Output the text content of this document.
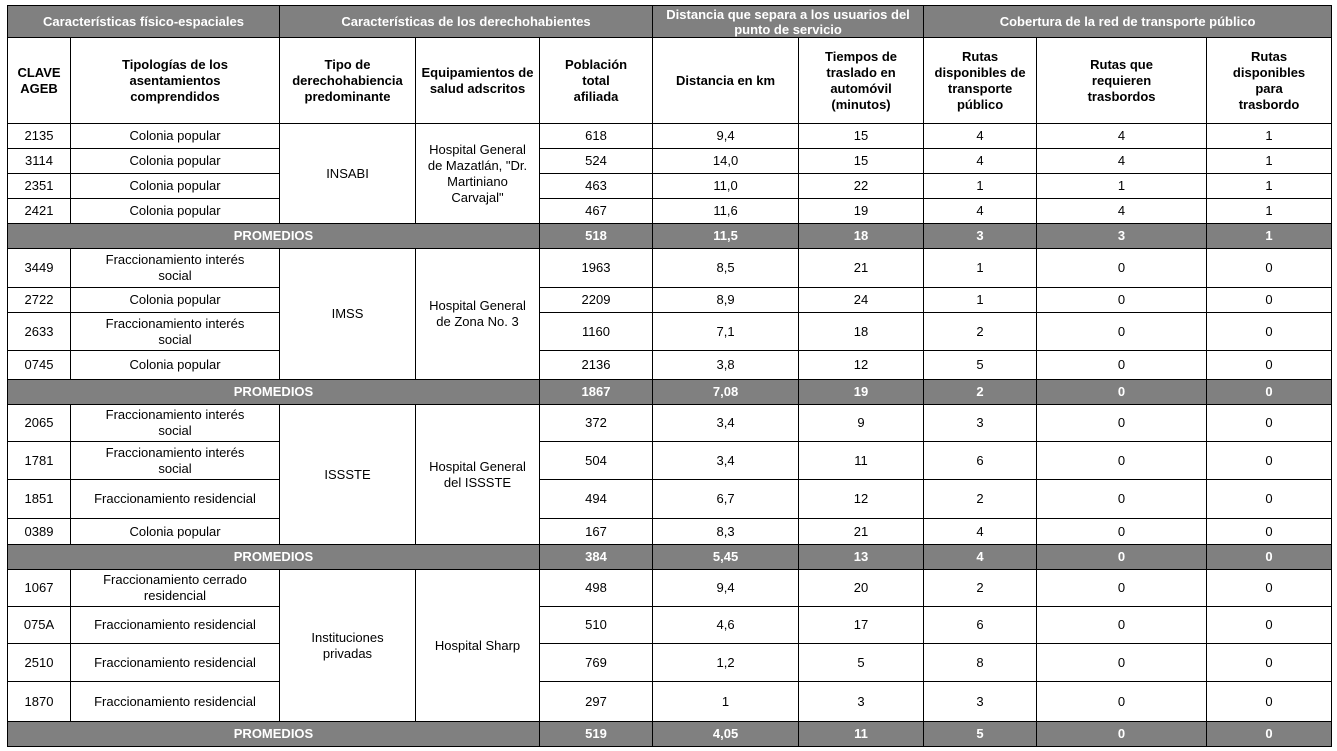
Características físico-espaciales		Características de los derechohabientes			Distancia que separa a los usuarios del punto de servicio		Cobertura de la red de transporte público		
CLAVE AGEB	Tipologías de los asentamientos comprendidos	Tipo de derechohabiencia predominante	Equipamientos de salud adscritos	Población total afiliada	Distancia en km	Tiempos de traslado en automóvil (minutos)	Rutas disponibles de transporte público	Rutas que requieren trasbordos	Rutas disponibles para trasbordo
2135	Colonia popular	INSABI	Hospital General de Mazatlán, "Dr. Martiniano Carvajal"	618	9,4	15	4	4	1
3114	Colonia popular			524	14,0	15	4	4	1
2351	Colonia popular			463	11,0	22	1	1	1
2421	Colonia popular			467	11,6	19	4	4	1
PROMEDIOS				518	11,5	18	3	3	1
3449	Fraccionamiento interés social	IMSS	Hospital General de Zona No. 3	1963	8,5	21	1	0	0
2722	Colonia popular			2209	8,9	24	1	0	0
2633	Fraccionamiento interés social			1160	7,1	18	2	0	0
0745	Colonia popular			2136	3,8	12	5	0	0
PROMEDIOS				1867	7,08	19	2	0	0
2065	Fraccionamiento interés social	ISSSTE	Hospital General del ISSSTE	372	3,4	9	3	0	0
1781	Fraccionamiento interés social			504	3,4	11	6	0	0
1851	Fraccionamiento residencial			494	6,7	12	2	0	0
0389	Colonia popular			167	8,3	21	4	0	0
PROMEDIOS				384	5,45	13	4	0	0
1067	Fraccionamiento cerrado residencial	Instituciones privadas	Hospital Sharp	498	9,4	20	2	0	0
075A	Fraccionamiento residencial			510	4,6	17	6	0	0
2510	Fraccionamiento residencial			769	1,2	5	8	0	0
1870	Fraccionamiento residencial			297	1	3	3	0	0
PROMEDIOS				519	4,05	11	5	0	0
